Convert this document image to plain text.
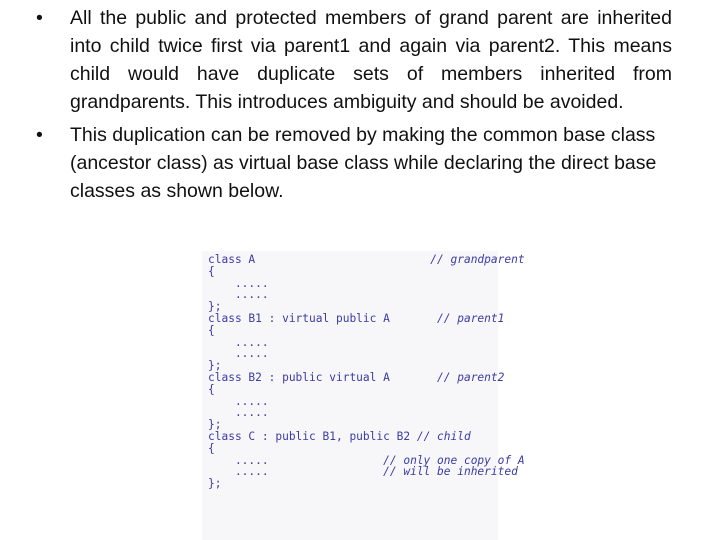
• All the public and protected members of grand parent are inherited into child twice first via parent1 and again via parent2. This means child would have duplicate sets of members inherited from grandparents. This introduces ambiguity and should be avoided.
• This duplication can be removed by making the common base class (ancestor class) as virtual base class while declaring the direct base classes as shown below.
class A	// grandparent
{
.....
.....
};
class B1 : virtual public A	// parent1
{
.....
.....
};
class B2 : public virtual A	// parent2
{
.....
.....
};
class C : public B1, public B2 // child
{
.....	// only one copy of A
.....	// will be inherited
};
